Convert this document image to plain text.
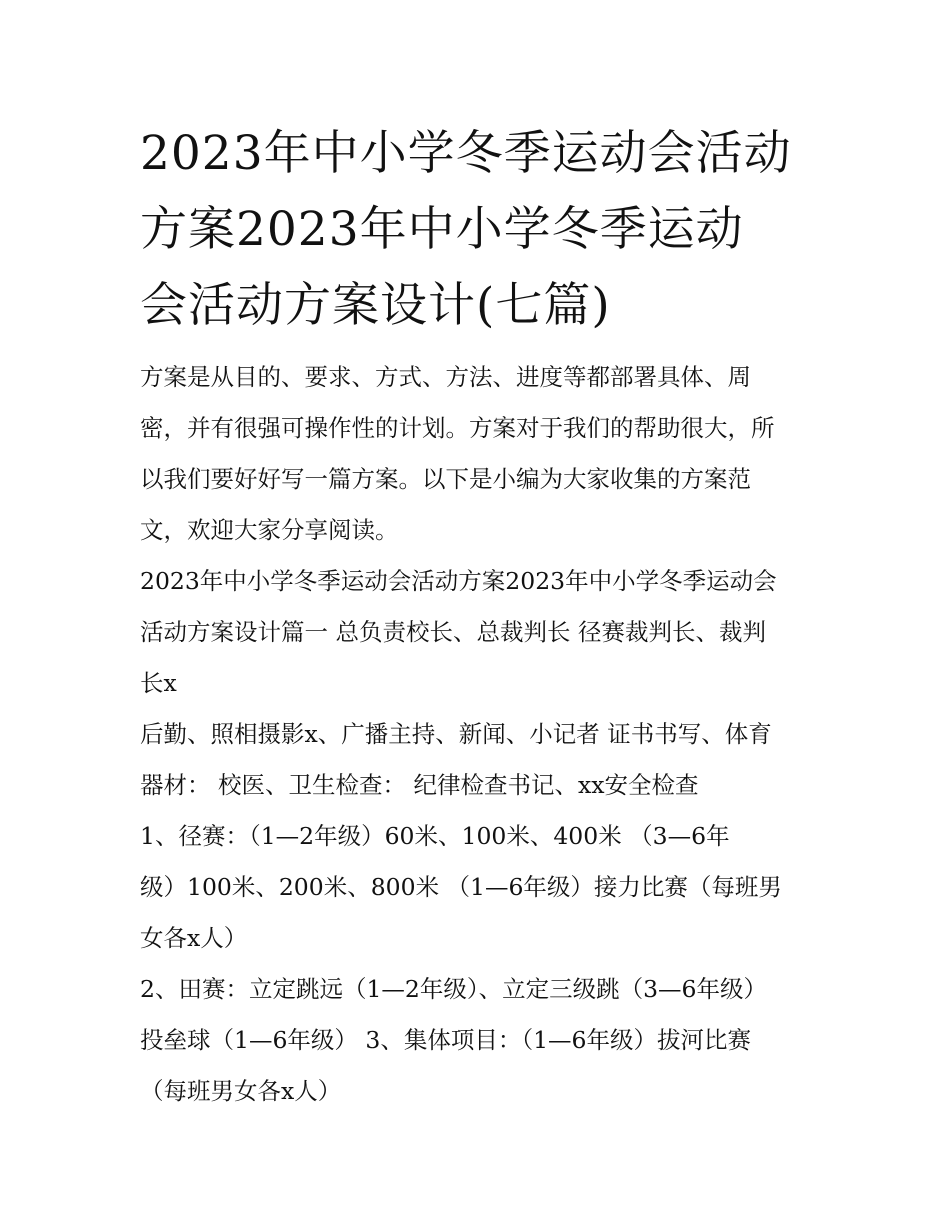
2023年中小学冬季运动会活动
方案2023年中小学冬季运动
会活动方案设计(七篇)
方案是从目的、要求、方式、方法、进度等都部署具体、周
密，并有很强可操作性的计划。方案对于我们的帮助很大，所
以我们要好好写一篇方案。以下是小编为大家收集的方案范
文，欢迎大家分享阅读。
2023年中小学冬季运动会活动方案2023年中小学冬季运动会
活动方案设计篇一 总负责校长、总裁判长 径赛裁判长、裁判
长x
后勤、照相摄影x、广播主持、新闻、小记者 证书书写、体育
器材： 校医、卫生检查： 纪律检查书记、xx安全检查
1、径赛：（1—2年级）60米、100米、400米 （3—6年
级）100米、200米、800米 （1—6年级）接力比赛（每班男
女各x人）
2、田赛：立定跳远（1—2年级）、立定三级跳（3—6年级）
投垒球（1—6年级） 3、集体项目：（1—6年级）拔河比赛
（每班男女各x人）
